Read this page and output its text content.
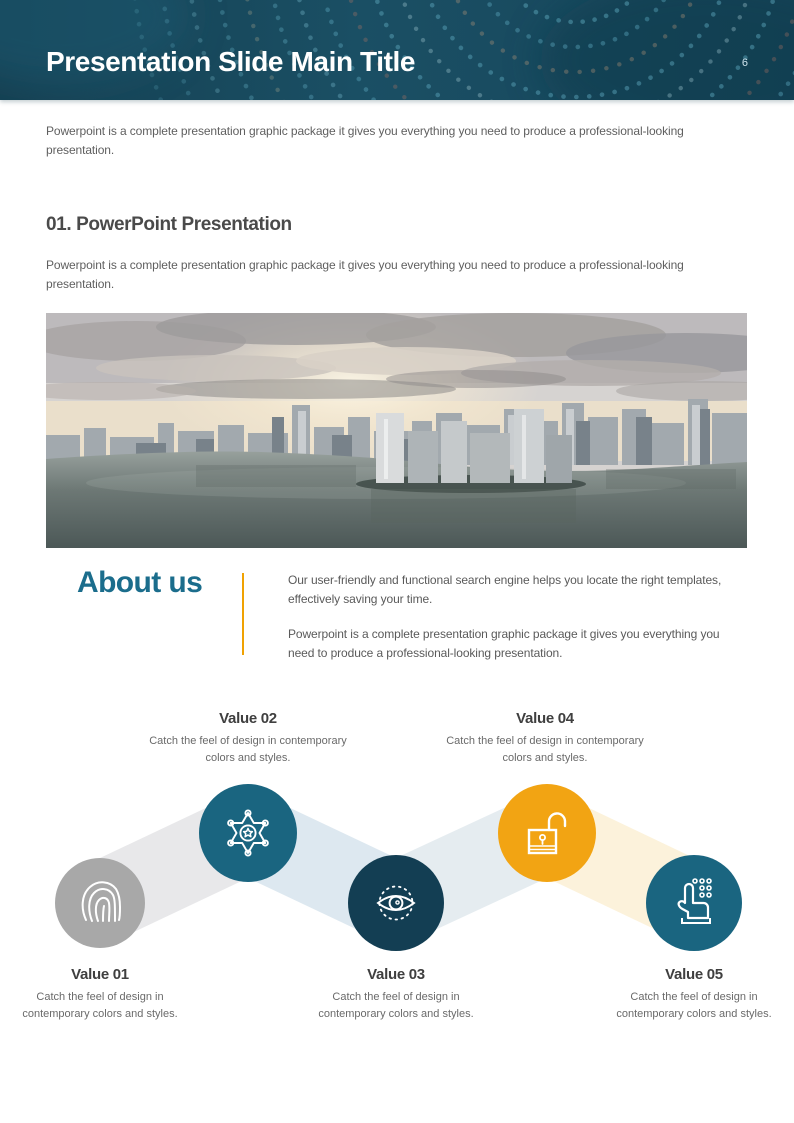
Presentation Slide Main Title	6

Powerpoint is a complete presentation graphic package it gives you everything you need to produce a professional-looking presentation.

01. PowerPoint Presentation

Powerpoint is a complete presentation graphic package it gives you everything you need to produce a professional-looking presentation.

About us	Our user-friendly and functional search engine helps you locate the right templates, effectively saving your time.

Powerpoint is a complete presentation graphic package it gives you everything you need to produce a professional-looking presentation.

Value 02

Catch the feel of design in contemporary colors and styles.

Value 04

Catch the feel of design in contemporary colors and styles.

Value 01

Catch the feel of design in contemporary colors and styles.

Value 03

Catch the feel of design in contemporary colors and styles.

Value 05

Catch the feel of design in contemporary colors and styles.
